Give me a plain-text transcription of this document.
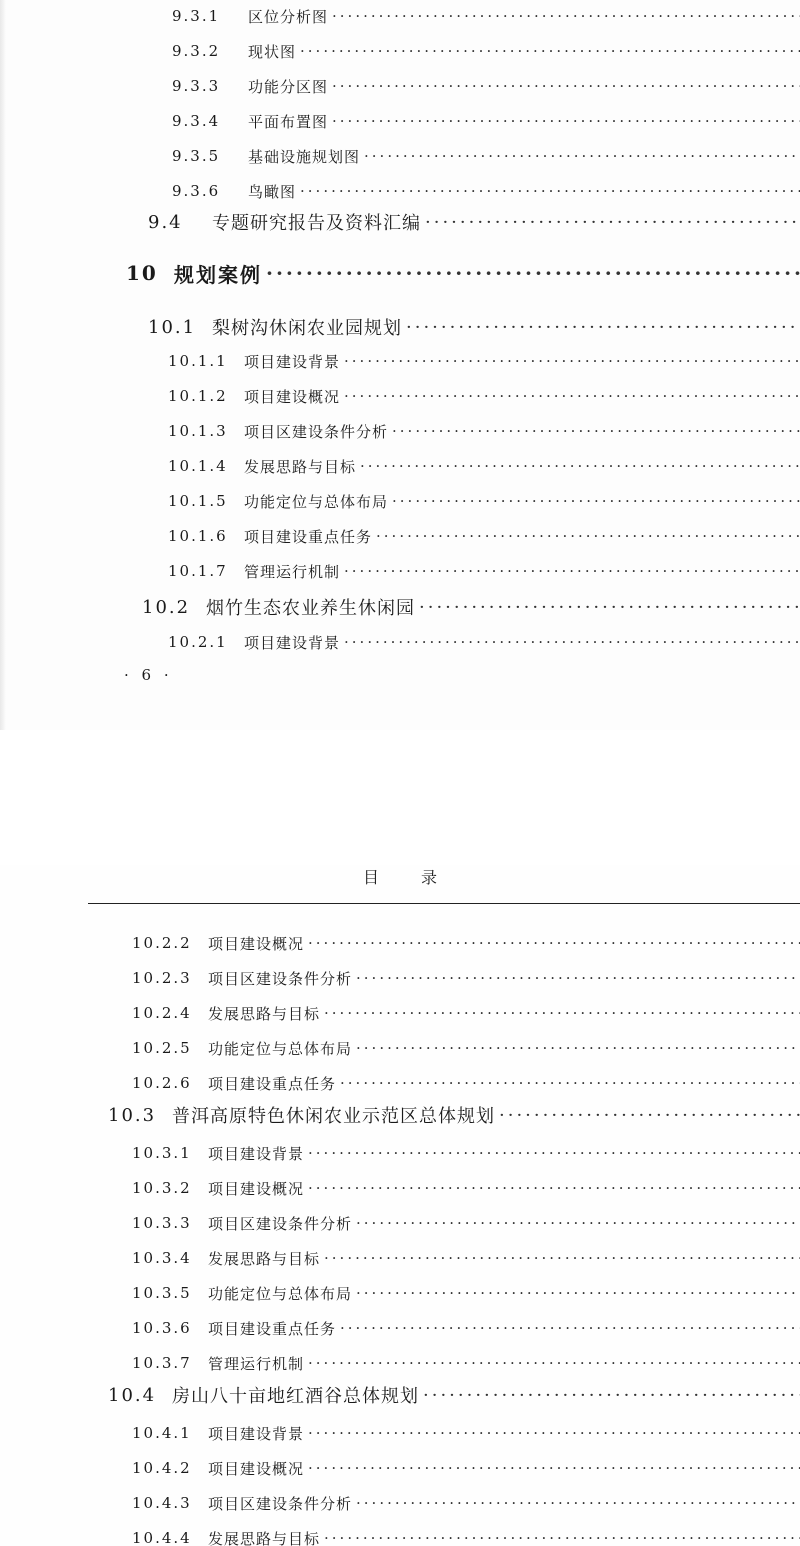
9.3.1	区位分析图
·····
9.3.2	现状图
·····
9.3.3	功能分区图
·····
9.3.4	平面布置图
·····
9.3.5	基础设施规划图
·····
9.3.6	鸟瞰图
·····
9.4	专题研究报告及资料汇编
·····
10 规划案例
·····
10.1 梨树沟休闲农业园规划
·····
10.1.1	项目建设背景
·····
10.1.2	项目建设概况
·····
10.1.3	项目区建设条件分析
·····
10.1.4	发展思路与目标
·····
10.1.5	功能定位与总体布局
·····
10.1.6	项目建设重点任务
·····
10.1.7	管理运行机制
·····
10.2 烟竹生态农业养生休闲园
·····
10.2.1	项目建设背景
·····
· 6 ·
目录
10.2.2	项目建设概况
·····
10.2.3	项目区建设条件分析
·····
10.2.4	发展思路与目标
·····
10.2.5	功能定位与总体布局
·····
10.2.6	项目建设重点任务
·····
10.3 普洱高原特色休闲农业示范区总体规划
·····
10.3.1	项目建设背景
·····
10.3.2	项目建设概况
·····
10.3.3	项目区建设条件分析
·····
10.3.4	发展思路与目标
·····
10.3.5	功能定位与总体布局
·····
10.3.6	项目建设重点任务
·····
10.3.7	管理运行机制
·····
10.4 房山八十亩地红酒谷总体规划
·····
10.4.1	项目建设背景
·····
10.4.2	项目建设概况
·····
10.4.3	项目区建设条件分析
·····
10.4.4	发展思路与目标
·····
